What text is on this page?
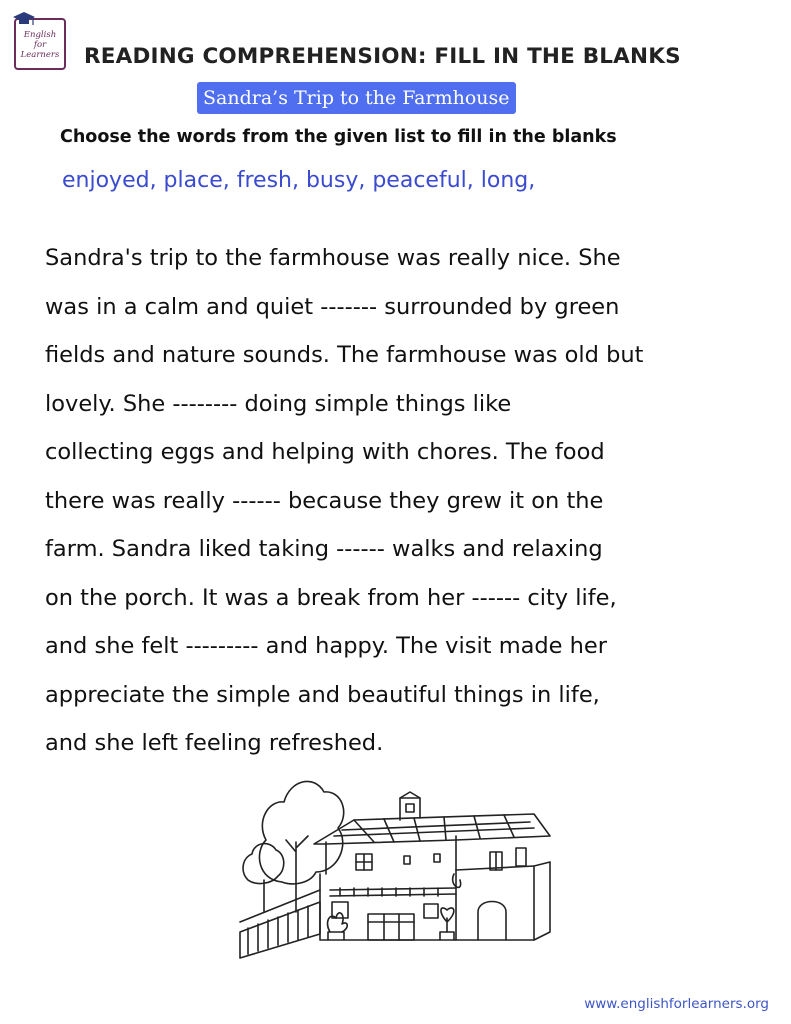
English
for
Learners READING COMPREHENSION: FILL IN THE BLANKS
Sandra’s Trip to the Farmhouse
Choose the words from the given list to fill in the blanks
enjoyed, place, fresh, busy, peaceful, long,

Sandra's trip to the farmhouse was really nice. She

was in a calm and quiet ------- surrounded by green

fields and nature sounds. The farmhouse was old but

lovely. She -------- doing simple things like

collecting eggs and helping with chores. The food

there was really ------ because they grew it on the

farm. Sandra liked taking ------ walks and relaxing

on the porch. It was a break from her ------ city life,

and she felt --------- and happy. The visit made her

appreciate the simple and beautiful things in life,

and she left feeling refreshed.

www.englishforlearners.org
